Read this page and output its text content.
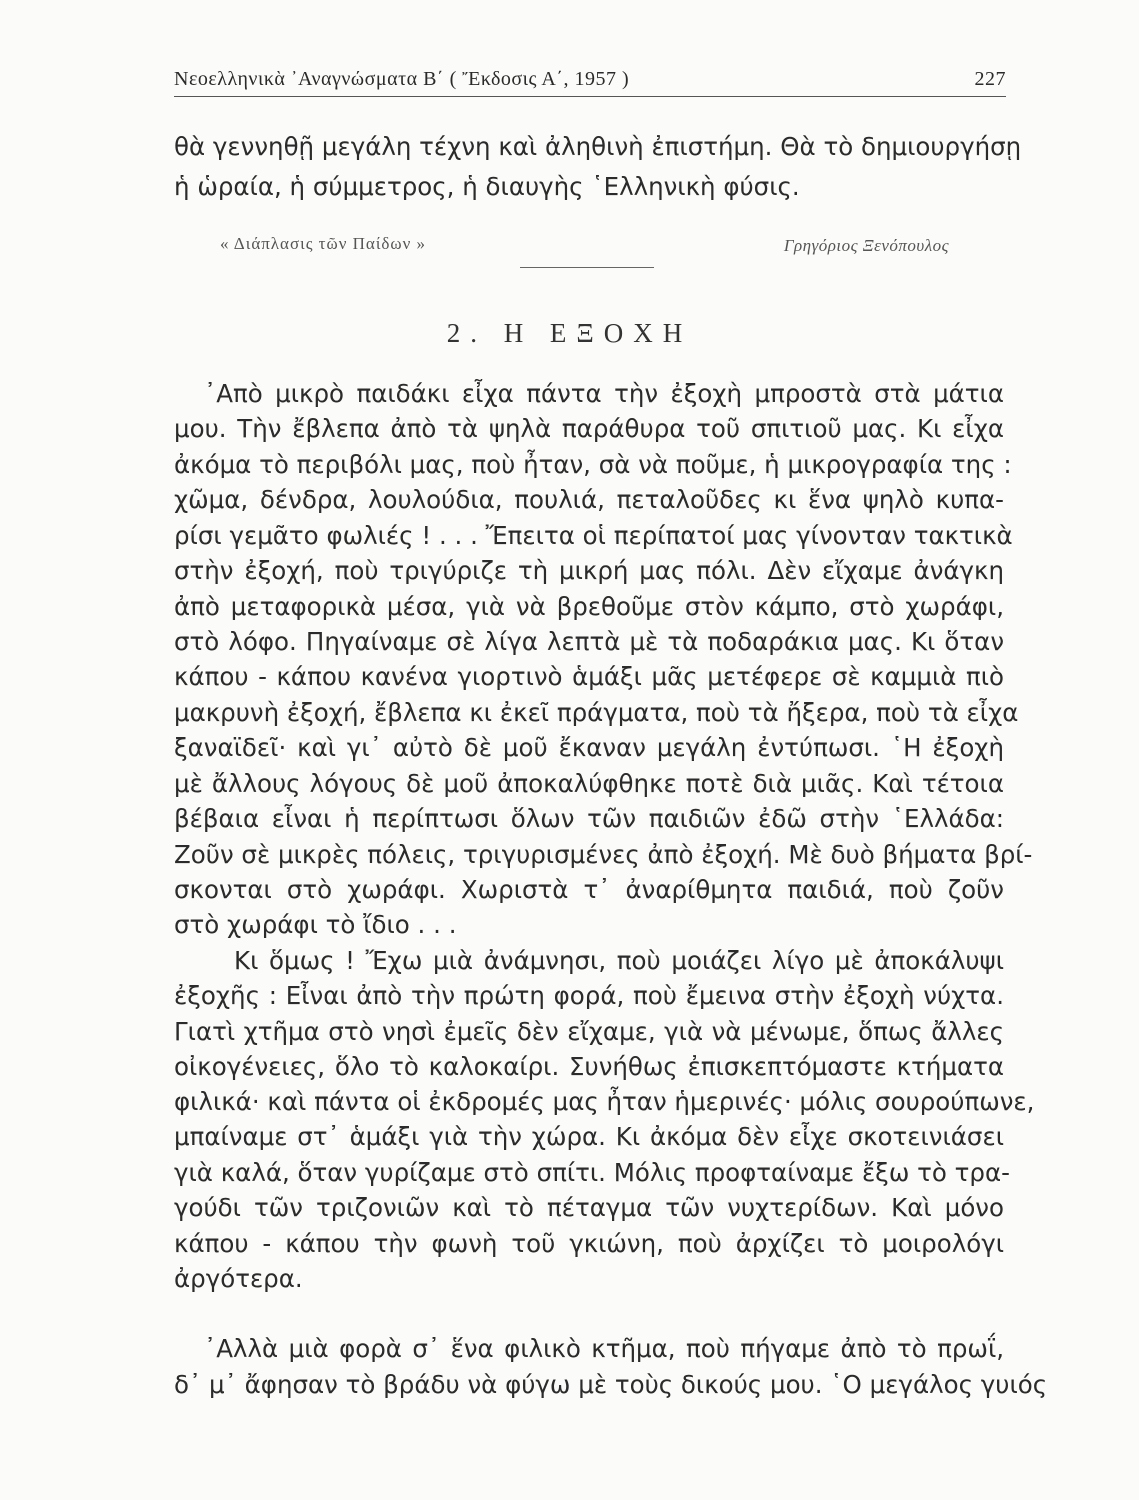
Νεοελληνικὰ ᾿Αναγνώσματα Β΄ ( Ἔκδοσις Α΄, 1957 )	227
θὰ γεννηθῇ μεγάλη τέχνη καὶ ἀληθινὴ ἐπιστήμη. Θὰ τὸ δημιουργήσῃ
ἡ ὡραία, ἡ σύμμετρος, ἡ διαυγὴς ῾Ελληνικὴ φύσις.
« Διάπλασις τῶν Παίδων »	Γρηγόριος Ξενόπουλος
2. Η ΕΞΟΧΗ
᾿Απὸ μικρὸ παιδάκι εἶχα πάντα τὴν ἐξοχὴ μπροστὰ στὰ μάτια
μου. Τὴν ἔβλεπα ἀπὸ τὰ ψηλὰ παράθυρα τοῦ σπιτιοῦ μας. Κι εἶχα
ἀκόμα τὸ περιβόλι μας, ποὺ ἦταν, σὰ νὰ ποῦμε, ἡ μικρογραφία της :
χῶμα, δένδρα, λουλούδια, πουλιά, πεταλοῦδες κι ἕνα ψηλὸ κυπα-
ρίσι γεμᾶτο φωλιές ! . . . Ἔπειτα οἱ περίπατοί μας γίνονταν τακτικὰ
στὴν ἐξοχή, ποὺ τριγύριζε τὴ μικρή μας πόλι. Δὲν εἴχαμε ἀνάγκη
ἀπὸ μεταφορικὰ μέσα, γιὰ νὰ βρεθοῦμε στὸν κάμπο, στὸ χωράφι,
στὸ λόφο. Πηγαίναμε σὲ λίγα λεπτὰ μὲ τὰ ποδαράκια μας. Κι ὅταν
κάπου - κάπου κανένα γιορτινὸ ἁμάξι μᾶς μετέφερε σὲ καμμιὰ πιὸ
μακρυνὴ ἐξοχή, ἔβλεπα κι ἐκεῖ πράγματα, ποὺ τὰ ἤξερα, ποὺ τὰ εἶχα
ξαναϊδεῖ· καὶ γι᾿ αὐτὸ δὲ μοῦ ἔκαναν μεγάλη ἐντύπωσι. ῾Η ἐξοχὴ
μὲ ἄλλους λόγους δὲ μοῦ ἀποκαλύφθηκε ποτὲ διὰ μιᾶς. Καὶ τέτοια
βέβαια εἶναι ἡ περίπτωσι ὅλων τῶν παιδιῶν ἐδῶ στὴν ῾Ελλάδα:
Ζοῦν σὲ μικρὲς πόλεις, τριγυρισμένες ἀπὸ ἐξοχή. Μὲ δυὸ βήματα βρί-
σκονται στὸ χωράφι. Χωριστὰ τ᾿ ἀναρίθμητα παιδιά, ποὺ ζοῦν
στὸ χωράφι τὸ ἴδιο . . .
Κι ὅμως ! Ἔχω μιὰ ἀνάμνησι, ποὺ μοιάζει λίγο μὲ ἀποκάλυψι
ἐξοχῆς : Εἶναι ἀπὸ τὴν πρώτη φορά, ποὺ ἔμεινα στὴν ἐξοχὴ νύχτα.
Γιατὶ χτῆμα στὸ νησὶ ἐμεῖς δὲν εἴχαμε, γιὰ νὰ μένωμε, ὅπως ἄλλες
οἰκογένειες, ὅλο τὸ καλοκαίρι. Συνήθως ἐπισκεπτόμαστε κτήματα
φιλικά· καὶ πάντα οἱ ἐκδρομές μας ἦταν ἡμερινές· μόλις σουρούπωνε,
μπαίναμε στ᾿ ἁμάξι γιὰ τὴν χώρα. Κι ἀκόμα δὲν εἶχε σκοτεινιάσει
γιὰ καλά, ὅταν γυρίζαμε στὸ σπίτι. Μόλις προφταίναμε ἔξω τὸ τρα-
γούδι τῶν τριζονιῶν καὶ τὸ πέταγμα τῶν νυχτερίδων. Καὶ μόνο
κάπου - κάπου τὴν φωνὴ τοῦ γκιώνη, ποὺ ἀρχίζει τὸ μοιρολόγι
ἀργότερα.
᾿Αλλὰ μιὰ φορὰ σ᾿ ἕνα φιλικὸ κτῆμα, ποὺ πήγαμε ἀπὸ τὸ πρωΐ,
δ᾿ μ᾿ ἄφησαν τὸ βράδυ νὰ φύγω μὲ τοὺς δικούς μου. ῾Ο μεγάλος γυιός
